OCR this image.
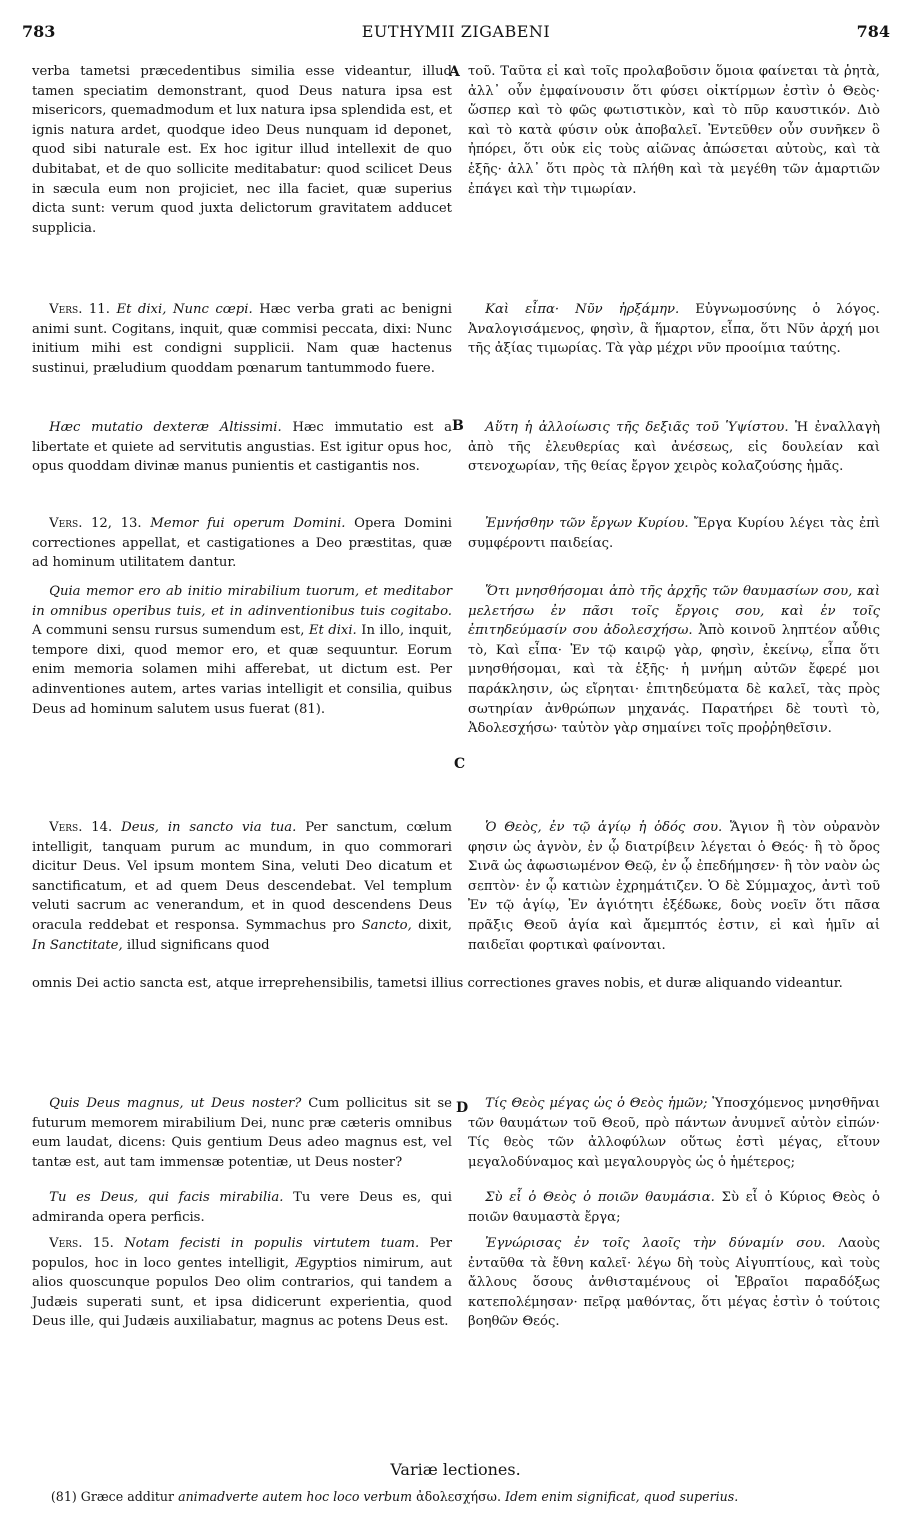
783	EUTHYMII ZIGABENI	784
A
B
C
D

verba tametsi præcedentibus similia esse videantur, illud tamen speciatim demonstrant, quod Deus natura ipsa est misericors, quemadmodum et lux natura ipsa splendida est, et ignis natura ardet, quodque ideo Deus nunquam id deponet, quod sibi naturale est. Ex hoc igitur illud intellexit de quo dubitabat, et de quo sollicite meditabatur: quod scilicet Deus in sæcula eum non projiciet, nec illa faciet, quæ superius dicta sunt: verum quod juxta delictorum gravitatem adducet supplicia.

Vers. 11. Et dixi, Nunc cœpi. Hæc verba grati ac benigni animi sunt. Cogitans, inquit, quæ commisi peccata, dixi: Nunc initium mihi est condigni supplicii. Nam quæ hactenus sustinui, præludium quoddam pœnarum tantummodo fuere.

Hæc mutatio dexteræ Altissimi. Hæc immutatio est a libertate et quiete ad servitutis angustias. Est igitur opus hoc, opus quoddam divinæ manus punientis et castigantis nos.

Vers. 12, 13. Memor fui operum Domini. Opera Domini correctiones appellat, et castigationes a Deo præstitas, quæ ad hominum utilitatem dantur.

Quia memor ero ab initio mirabilium tuorum, et meditabor in omnibus operibus tuis, et in adinventionibus tuis cogitabo. A communi sensu rursus sumendum est, Et dixi. In illo, inquit, tempore dixi, quod memor ero, et quæ sequuntur. Eorum enim memoria solamen mihi afferebat, ut dictum est. Per adinventiones autem, artes varias intelligit et consilia, quibus Deus ad hominum salutem usus fuerat (81).

Vers. 14. Deus, in sancto via tua. Per sanctum, cœlum intelligit, tanquam purum ac mundum, in quo commorari dicitur Deus. Vel ipsum montem Sina, veluti Deo dicatum et sanctificatum, et ad quem Deus descendebat. Vel templum veluti sacrum ac venerandum, et in quod descendens Deus oracula reddebat et responsa. Symmachus pro Sancto, dixit, In Sanctitate, illud significans quod

Quis Deus magnus, ut Deus noster? Cum pollicitus sit se futurum memorem mirabilium Dei, nunc præ cæteris omnibus eum laudat, dicens: Quis gentium Deus adeo magnus est, vel tantæ est, aut tam immensæ potentiæ, ut Deus noster?

Tu es Deus, qui facis mirabilia. Tu vere Deus es, qui admiranda opera perficis.

Vers. 15. Notam fecisti in populis virtutem tuam. Per populos, hoc in loco gentes intelligit, Ægyptios nimirum, aut alios quoscunque populos Deo olim contrarios, qui tandem a Judæis superati sunt, et ipsa didicerunt experientia, quod Deus ille, qui Judæis auxiliabatur, magnus ac potens Deus est.

τοῦ. Ταῦτα εἰ καὶ τοῖς προλαβοῦσιν ὅμοια φαίνεται τὰ ῥητὰ, ἀλλ᾽ οὖν ἐμφαίνουσιν ὅτι φύσει οἰκτίρμων ἐστὶν ὁ Θεὸς· ὥσπερ καὶ τὸ φῶς φωτιστικὸν, καὶ τὸ πῦρ καυστικόν. Διὸ καὶ τὸ κατὰ φύσιν οὐκ ἀποβαλεῖ. Ἐντεῦθεν οὖν συνῆκεν ὃ ἠπόρει, ὅτι οὐκ εἰς τοὺς αἰῶνας ἀπώσεται αὐτοὺς, καὶ τὰ ἑξῆς· ἀλλ᾽ ὅτι πρὸς τὰ πλήθη καὶ τὰ μεγέθη τῶν ἁμαρτιῶν ἐπάγει καὶ τὴν τιμωρίαν.

Καὶ εἶπα· Νῦν ἠρξάμην. Εὐγνωμοσύνης ὁ λόγος. Ἀναλογισάμενος, φησὶν, ἃ ἥμαρτον, εἶπα, ὅτι Νῦν ἀρχή μοι τῆς ἀξίας τιμωρίας. Τὰ γὰρ μέχρι νῦν προοίμια ταύτης.

Αὕτη ἡ ἀλλοίωσις τῆς δεξιᾶς τοῦ Ὑψίστου. Ἡ ἐναλλαγὴ ἀπὸ τῆς ἐλευθερίας καὶ ἀνέσεως, εἰς δουλείαν καὶ στενοχωρίαν, τῆς θείας ἔργον χειρὸς κολαζούσης ἡμᾶς.

Ἐμνήσθην τῶν ἔργων Κυρίου. Ἔργα Κυρίου λέγει τὰς ἐπὶ συμφέροντι παιδείας.

Ὅτι μνησθήσομαι ἀπὸ τῆς ἀρχῆς τῶν θαυμασίων σου, καὶ μελετήσω ἐν πᾶσι τοῖς ἔργοις σου, καὶ ἐν τοῖς ἐπιτηδεύμασίν σου ἀδολεσχήσω. Ἀπὸ κοινοῦ ληπτέον αὖθις τὸ, Καὶ εἶπα· Ἐν τῷ καιρῷ γὰρ, φησὶν, ἐκείνῳ, εἶπα ὅτι μνησθήσομαι, καὶ τὰ ἑξῆς· ἡ μνήμη αὐτῶν ἔφερέ μοι παράκλησιν, ὡς εἴρηται· ἐπιτηδεύματα δὲ καλεῖ, τὰς πρὸς σωτηρίαν ἀνθρώπων μηχανάς. Παρατήρει δὲ τουτὶ τὸ, Ἀδολεσχήσω· ταὐτὸν γὰρ σημαίνει τοῖς προῤῥηθεῖσιν.

Ὁ Θεὸς, ἐν τῷ ἁγίῳ ἡ ὁδός σου. Ἅγιον ἢ τὸν οὐρανὸν φησιν ὡς ἁγνὸν, ἐν ᾧ διατρίβειν λέγεται ὁ Θεός· ἢ τὸ ὄρος Σινᾶ ὡς ἀφωσιωμένον Θεῷ, ἐν ᾧ ἐπεδήμησεν· ἢ τὸν ναὸν ὡς σεπτὸν· ἐν ᾧ κατιὼν ἐχρημάτιζεν. Ὁ δὲ Σύμμαχος, ἀντὶ τοῦ Ἐν τῷ ἁγίῳ, Ἐν ἁγιότητι ἐξέδωκε, δοὺς νοεῖν ὅτι πᾶσα πρᾶξις Θεοῦ ἁγία καὶ ἄμεμπτός ἐστιν, εἰ καὶ ἡμῖν αἱ παιδεῖαι φορτικαὶ φαίνονται.

Τίς Θεὸς μέγας ὡς ὁ Θεὸς ἡμῶν; Ὑποσχόμενος μνησθῆναι τῶν θαυμάτων τοῦ Θεοῦ, πρὸ πάντων ἀνυμνεῖ αὐτὸν εἰπών· Τίς θεὸς τῶν ἀλλοφύλων οὕτως ἐστὶ μέγας, εἴτουν μεγαλοδύναμος καὶ μεγαλουργὸς ὡς ὁ ἡμέτερος;

Σὺ εἶ ὁ Θεὸς ὁ ποιῶν θαυμάσια. Σὺ εἶ ὁ Κύριος Θεὸς ὁ ποιῶν θαυμαστὰ ἔργα;

Ἐγνώρισας ἐν τοῖς λαοῖς τὴν δύναμίν σου. Λαοὺς ἐνταῦθα τὰ ἔθνη καλεῖ· λέγω δὴ τοὺς Αἰγυπτίους, καὶ τοὺς ἄλλους ὅσους ἀνθισταμένους οἱ Ἑβραῖοι παραδόξως κατεπολέμησαν· πεῖρᾳ μαθόντας, ὅτι μέγας ἐστὶν ὁ τούτοις βοηθῶν Θεός.

omnis Dei actio sancta est, atque irreprehensibilis, tametsi illius correctiones graves nobis, et duræ aliquando videantur.
Variæ lectiones.
(81) Græce additur animadverte autem hoc loco verbum ἀδολεσχήσω. Idem enim significat, quod superius.
